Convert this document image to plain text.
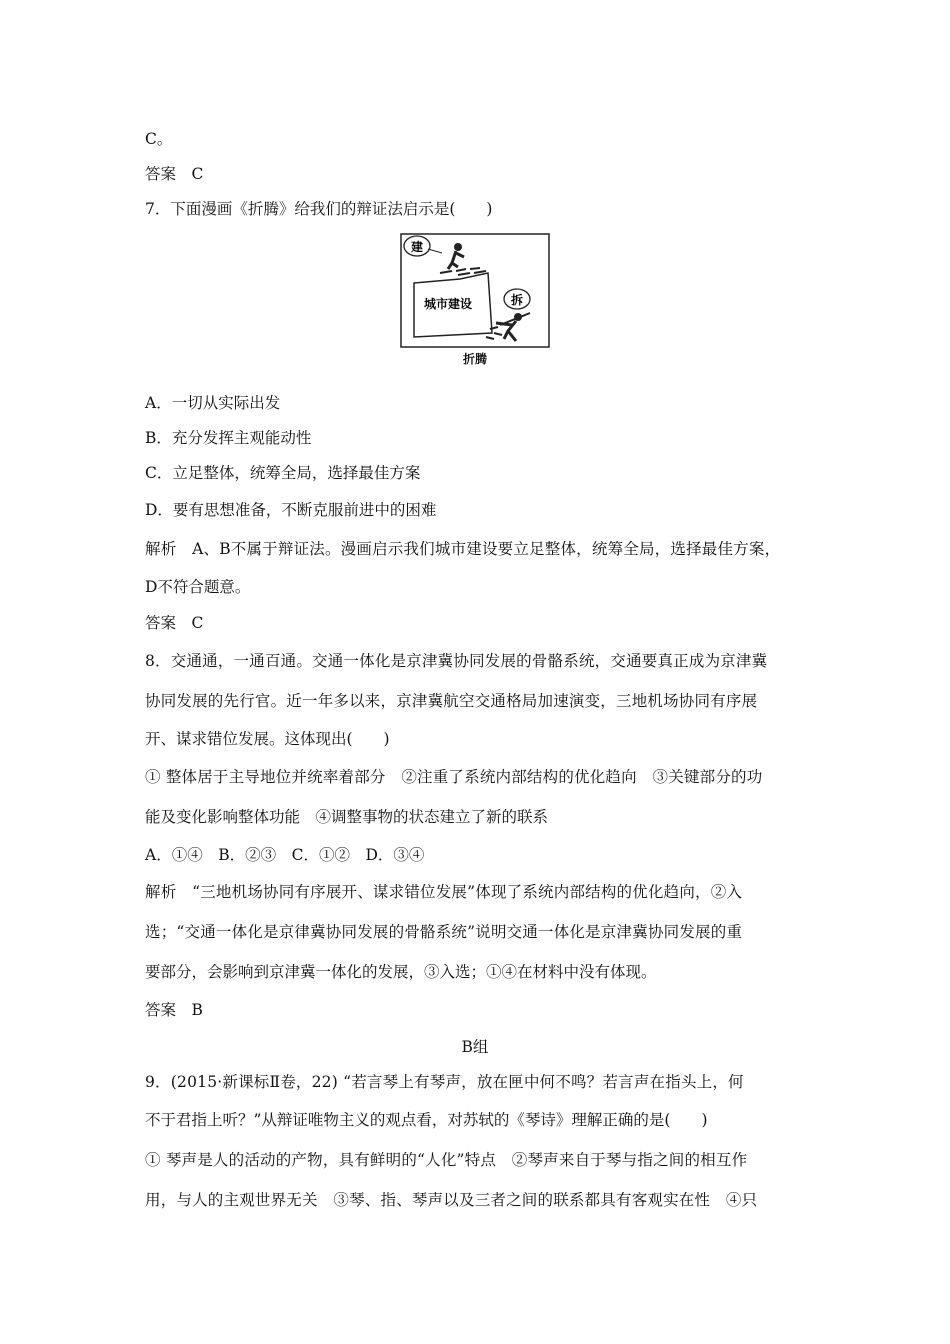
C。
答案　C
7．下面漫画《折腾》给我们的辩证法启示是(　　)
建
城市建设	拆
折腾
A．一切从实际出发
B．充分发挥主观能动性
C．立足整体，统筹全局，选择最佳方案
D．要有思想准备，不断克服前进中的困难
解析　A、B不属于辩证法。漫画启示我们城市建设要立足整体，统筹全局，选择最佳方案，
D不符合题意。
答案　C
8．交通通，一通百通。交通一体化是京津冀协同发展的骨骼系统，交通要真正成为京津冀
协同发展的先行官。近一年多以来，京津冀航空交通格局加速演变，三地机场协同有序展
开、谋求错位发展。这体现出(　　)
① 整体居于主导地位并统率着部分　②注重了系统内部结构的优化趋向　③关键部分的功
能及变化影响整体功能　④调整事物的状态建立了新的联系
A．①④　B．②③　C．①②　D．③④
解析　“三地机场协同有序展开、谋求错位发展”体现了系统内部结构的优化趋向，②入
选；“交通一体化是京律冀协同发展的骨骼系统”说明交通一体化是京津冀协同发展的重
要部分，会影响到京津冀一体化的发展，③入选；①④在材料中没有体现。
答案　B
B组
9．(2015·新课标Ⅱ卷，22) “若言琴上有琴声，放在匣中何不鸣？若言声在指头上，何
不于君指上听？”从辩证唯物主义的观点看，对苏轼的《琴诗》理解正确的是(　　)
① 琴声是人的活动的产物，具有鲜明的“人化”特点　②琴声来自于琴与指之间的相互作
用，与人的主观世界无关　③琴、指、琴声以及三者之间的联系都具有客观实在性　④只
